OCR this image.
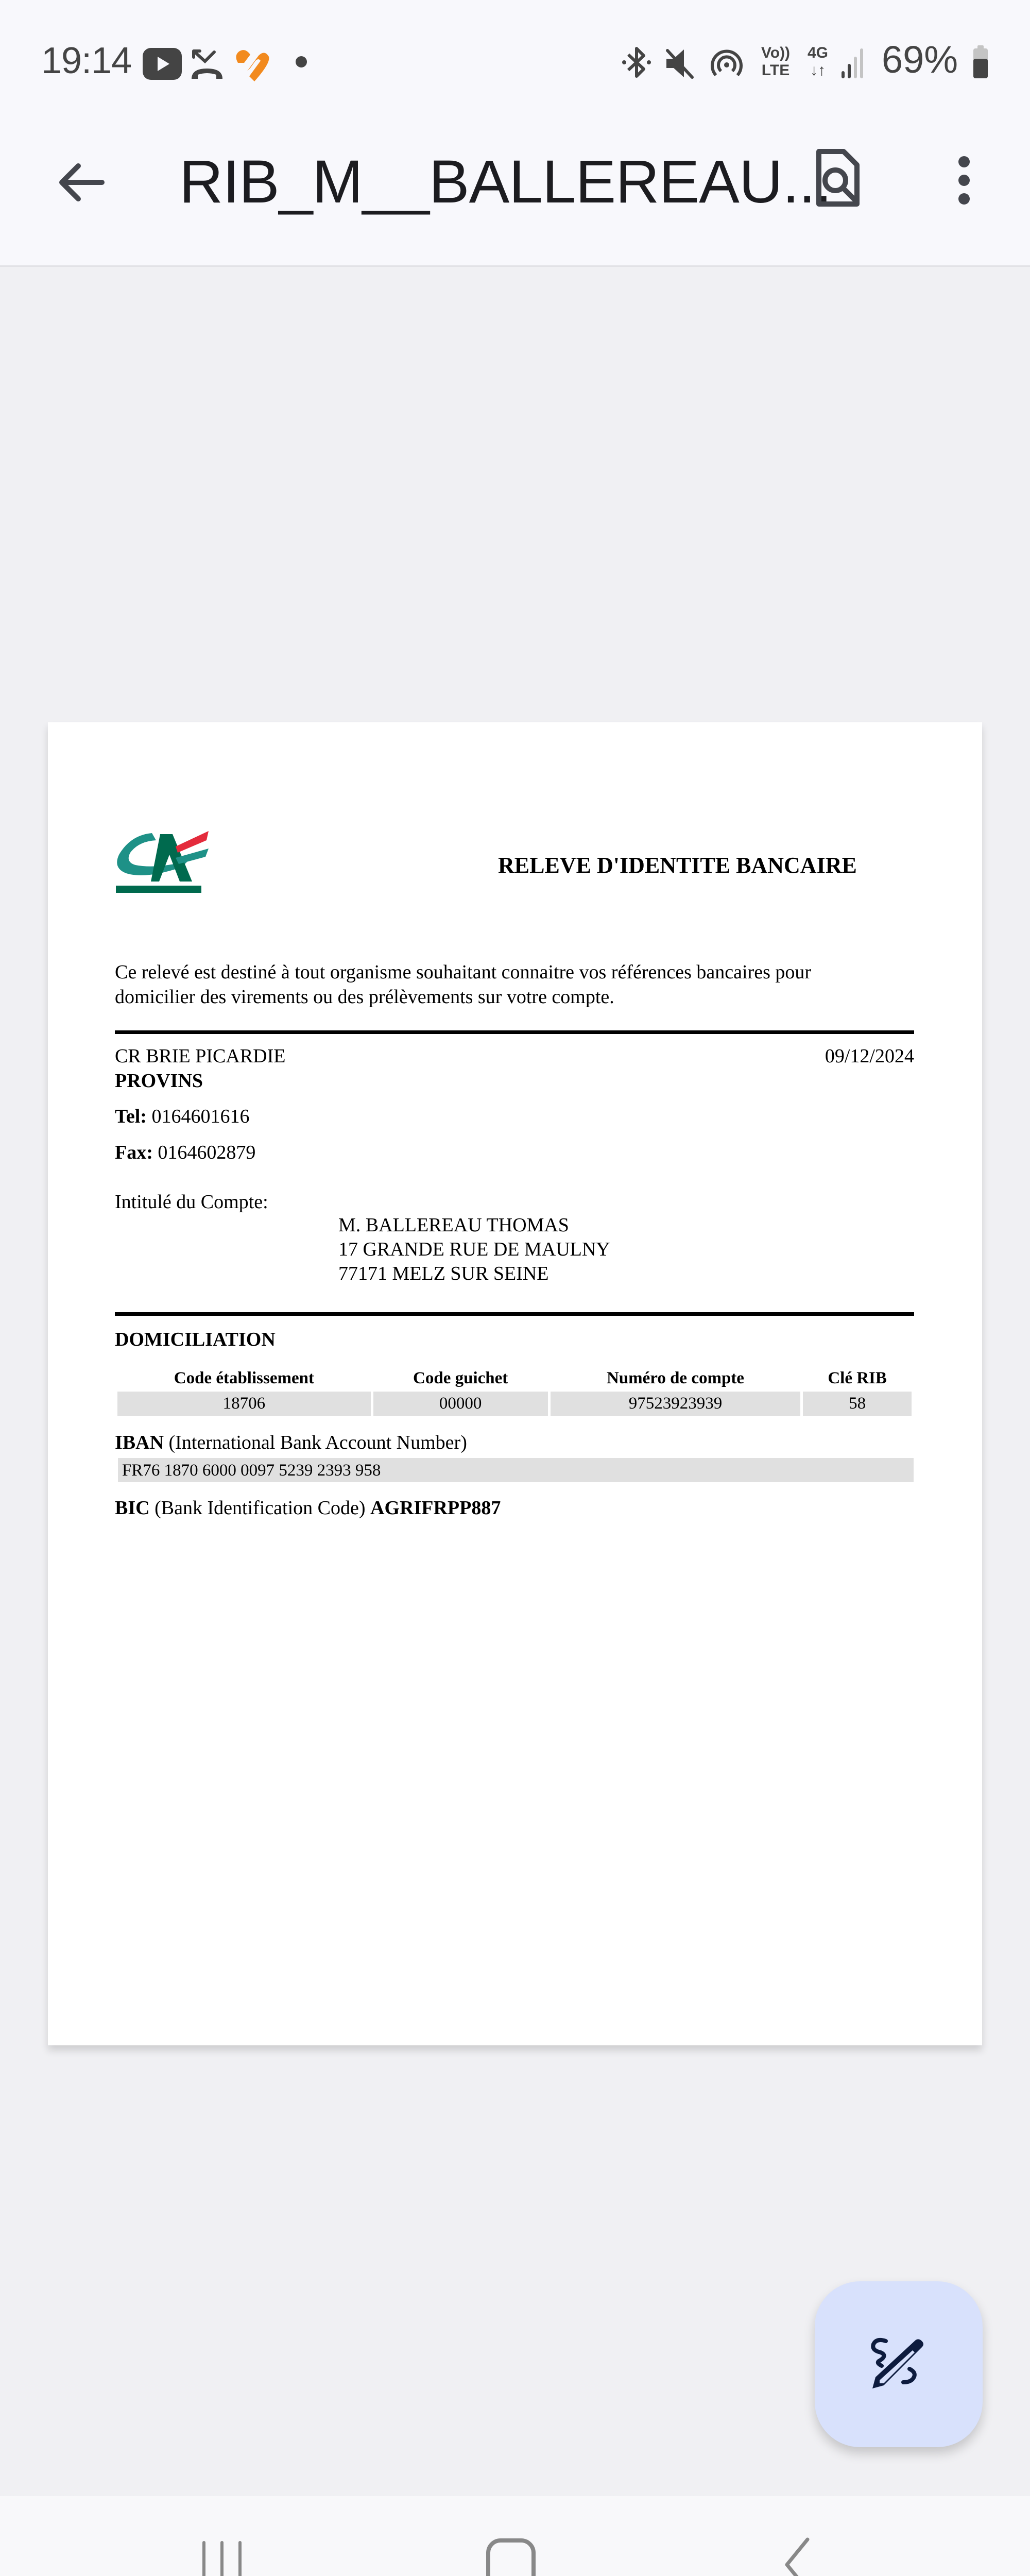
19:14	Vo))
LTE
4G
↓↑ 69%
RIB_M__BALLEREAU...
RELEVE D'IDENTITE BANCAIRE
Ce relevé est destiné à tout organisme souhaitant connaitre vos références bancaires pour
domicilier des virements ou des prélèvements sur votre compte.
CR BRIE PICARDIE	09/12/2024
PROVINS
Tel: 0164601616
Fax: 0164602879
Intitulé du Compte:
M. BALLEREAU THOMAS
17 GRANDE RUE DE MAULNY
77171 MELZ SUR SEINE
DOMICILIATION
Code établissement	Code guichet	Numéro de compte	Clé RIB
18706	00000	97523923939	58
IBAN (International Bank Account Number)
FR76 1870 6000 0097 5239 2393 958
BIC (Bank Identification Code) AGRIFRPP887
